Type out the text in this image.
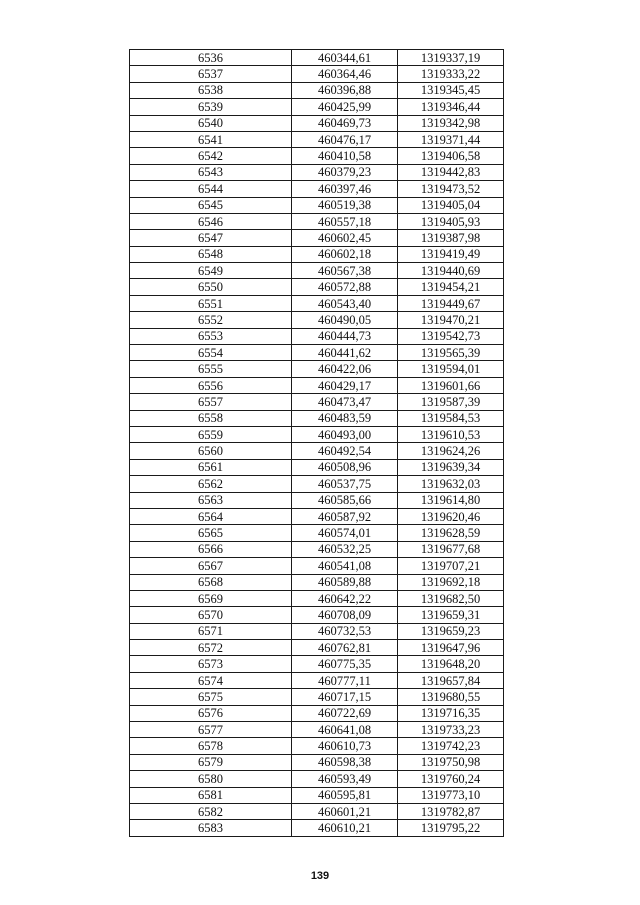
6536	460344,61	1319337,19
6537	460364,46	1319333,22
6538	460396,88	1319345,45
6539	460425,99	1319346,44
6540	460469,73	1319342,98
6541	460476,17	1319371,44
6542	460410,58	1319406,58
6543	460379,23	1319442,83
6544	460397,46	1319473,52
6545	460519,38	1319405,04
6546	460557,18	1319405,93
6547	460602,45	1319387,98
6548	460602,18	1319419,49
6549	460567,38	1319440,69
6550	460572,88	1319454,21
6551	460543,40	1319449,67
6552	460490,05	1319470,21
6553	460444,73	1319542,73
6554	460441,62	1319565,39
6555	460422,06	1319594,01
6556	460429,17	1319601,66
6557	460473,47	1319587,39
6558	460483,59	1319584,53
6559	460493,00	1319610,53
6560	460492,54	1319624,26
6561	460508,96	1319639,34
6562	460537,75	1319632,03
6563	460585,66	1319614,80
6564	460587,92	1319620,46
6565	460574,01	1319628,59
6566	460532,25	1319677,68
6567	460541,08	1319707,21
6568	460589,88	1319692,18
6569	460642,22	1319682,50
6570	460708,09	1319659,31
6571	460732,53	1319659,23
6572	460762,81	1319647,96
6573	460775,35	1319648,20
6574	460777,11	1319657,84
6575	460717,15	1319680,55
6576	460722,69	1319716,35
6577	460641,08	1319733,23
6578	460610,73	1319742,23
6579	460598,38	1319750,98
6580	460593,49	1319760,24
6581	460595,81	1319773,10
6582	460601,21	1319782,87
6583	460610,21	1319795,22
139
